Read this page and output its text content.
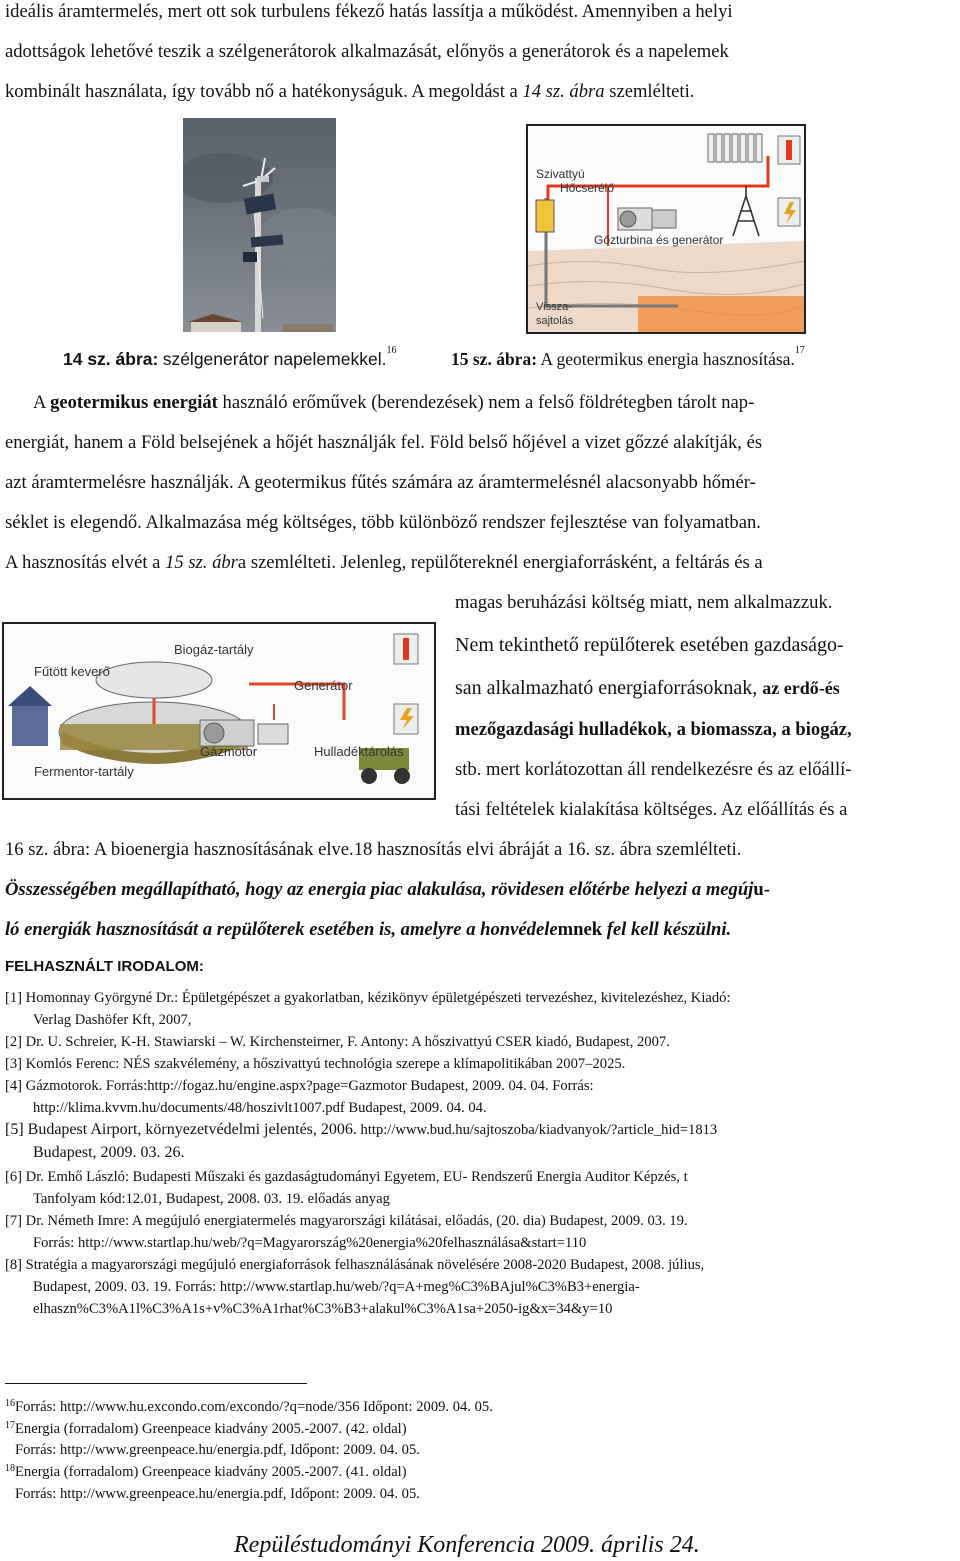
ideális áramtermelés, mert ott sok turbulens fékező hatás lassítja a működést. Amennyiben a helyi
adottságok lehetővé teszik a szélgenerátorok alkalmazását, előnyös a generátorok és a napelemek
kombinált használata, így tovább nő a hatékonyságuk. A megoldást a 14 sz. ábra szemlélteti.
Szivattyú
Hőcserélő
Gőzturbina és generátor
Vissza-
sajtolás
14 sz. ábra: szélgenerátor napelemekkel.$^{16}$	15 sz. ábra: A geotermikus energia hasznosítása.$^{17}$
A geotermikus energiát használó erőművek (berendezések) nem a felső földrétegben tárolt nap-
energiát, hanem a Föld belsejének a hőjét használják fel. Föld belső hőjével a vizet gőzzé alakítják, és
azt áramtermelésre használják. A geotermikus fűtés számára az áramtermelésnél alacsonyabb hőmér-
séklet is elegendő. Alkalmazása még költséges, több különböző rendszer fejlesztése van folyamatban.
A hasznosítás elvét a 15 sz. ábra szemlélteti. Jelenleg, repülőtereknél energiaforrásként, a feltárás és a
Biogáz-tartály
Fűtött keverő
Generátor
Gázmotor	Hulladéktárolás
Fermentor-tartály
magas beruházási költség miatt, nem alkalmazzuk.
Nem tekinthető repülőterek esetében gazdaságo-
san alkalmazható energiaforrásoknak, az erdő-és
mezőgazdasági hulladékok, a biomassza, a biogáz,
stb. mert korlátozottan áll rendelkezésre és az előállí-
tási feltételek kialakítása költséges. Az előállítás és a
16 sz. ábra: A bioenergia hasznosításának elve.18 hasznosítás elvi ábráját a 16. sz. ábra szemlélteti.
Összességében megállapítható, hogy az energia piac alakulása, rövidesen előtérbe helyezi a megúju-
ló energiák hasznosítását a repülőterek esetében is, amelyre a honvédelemnek fel kell készülni.
FELHASZNÁLT IRODALOM:
[1] Homonnay Györgyné Dr.: Épületgépészet a gyakorlatban, kézikönyv épületgépészeti tervezéshez, kivitelezéshez, Kiadó:
Verlag Dashöfer Kft, 2007,
[2] Dr. U. Schreier, K-H. Stawiarski – W. Kirchensteirner, F. Antony: A hőszivattyú CSER kiadó, Budapest, 2007.
[3] Komlós Ferenc: NÉS szakvélemény, a hőszivattyú technológia szerepe a klímapolitikában 2007–2025.
[4] Gázmotorok. Forrás:http://fogaz.hu/engine.aspx?page=Gazmotor Budapest, 2009. 04. 04. Forrás:
http://klima.kvvm.hu/documents/48/hoszivlt1007.pdf Budapest, 2009. 04. 04.
[5] Budapest Airport, környezetvédelmi jelentés, 2006. http://www.bud.hu/sajtoszoba/kiadvanyok/?article_hid=1813
Budapest, 2009. 03. 26.
[6] Dr. Emhő László: Budapesti Műszaki és gazdaságtudományi Egyetem, EU- Rendszerű Energia Auditor Képzés, t
Tanfolyam kód:12.01, Budapest, 2008. 03. 19. előadás anyag
[7] Dr. Németh Imre: A megújuló energiatermelés magyarországi kilátásai, előadás, (20. dia) Budapest, 2009. 03. 19.
Forrás: http://www.startlap.hu/web/?q=Magyarország%20energia%20felhasználása&start=110
[8] Stratégia a magyarországi megújuló energiaforrások felhasználásának növelésére 2008-2020 Budapest, 2008. július,
Budapest, 2009. 03. 19. Forrás: http://www.startlap.hu/web/?q=A+meg%C3%BAjul%C3%B3+energia-
elhaszn%C3%A1l%C3%A1s+v%C3%A1rhat%C3%B3+alakul%C3%A1sa+2050-ig&x=34&y=10
$^{16}$Forrás: http://www.hu.excondo.com/excondo/?q=node/356 Időpont: 2009. 04. 05.
$^{17}$Energia (forradalom) Greenpeace kiadvány 2005.-2007. (42. oldal)
Forrás: http://www.greenpeace.hu/energia.pdf, Időpont: 2009. 04. 05.
$^{18}$Energia (forradalom) Greenpeace kiadvány 2005.-2007. (41. oldal)
Forrás: http://www.greenpeace.hu/energia.pdf, Időpont: 2009. 04. 05.
Repüléstudományi Konferencia 2009. április 24.
